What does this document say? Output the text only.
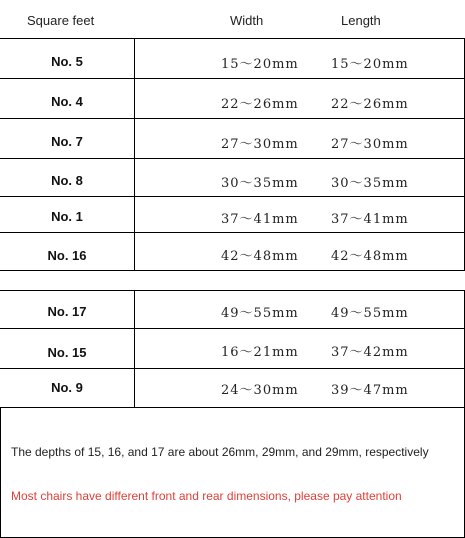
Square feet	Width	Length
No. 5	15～20mm 15～20mm
No. 4	22～26mm 22～26mm
No. 7	27～30mm 27～30mm
No. 8	30～35mm 30～35mm
No. 1	37～41mm 37～41mm
No. 16	42～48mm 42～48mm
No. 17	49～55mm 49～55mm
No. 15	16～21mm 37～42mm
No. 9	24～30mm 39～47mm
The depths of 15, 16, and 17 are about 26mm, 29mm, and 29mm, respectively
Most chairs have different front and rear dimensions, please pay attention
